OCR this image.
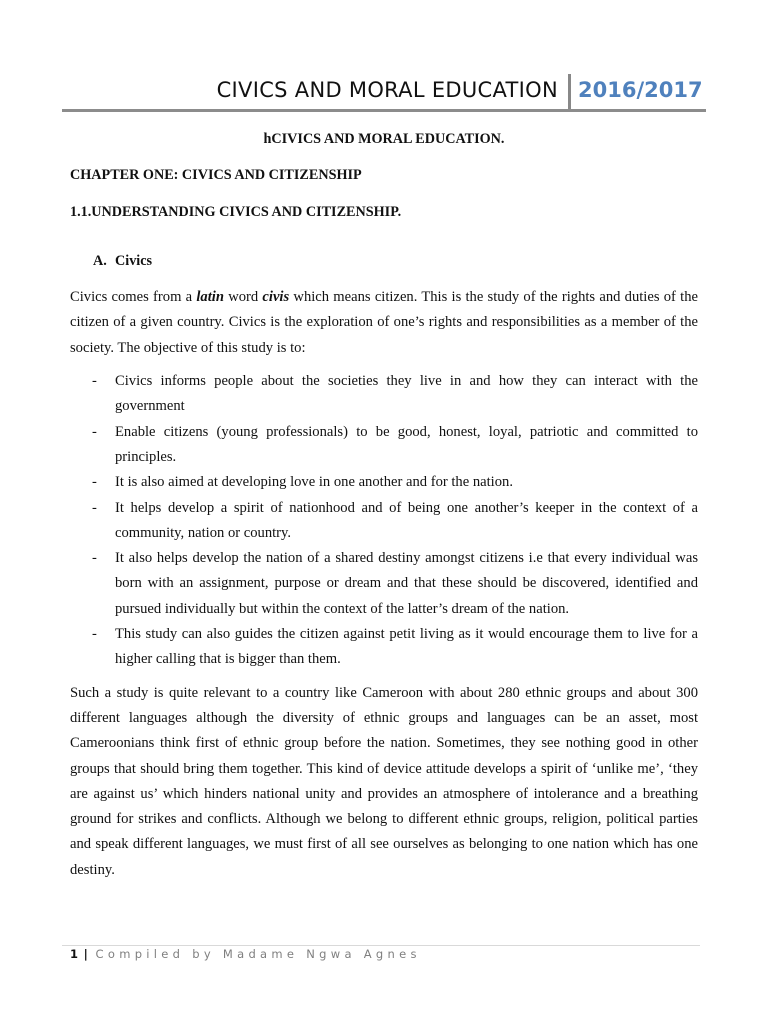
CIVICS AND MORAL EDUCATION 2016/2017
hCIVICS AND MORAL EDUCATION.
CHAPTER ONE: CIVICS AND CITIZENSHIP
1.1.UNDERSTANDING CIVICS AND CITIZENSHIP.
A. Civics

Civics comes from a latin word civis which means citizen. This is the study of the rights and duties of the citizen of a given country. Civics is the exploration of one’s rights and responsibilities as a member of the society. The objective of this study is to:

- Civics informs people about the societies they live in and how they can interact with the government
- Enable citizens (young professionals) to be good, honest, loyal, patriotic and committed to principles.
- It is also aimed at developing love in one another and for the nation.
- It helps develop a spirit of nationhood and of being one another’s keeper in the context of a community, nation or country.
- It also helps develop the nation of a shared destiny amongst citizens i.e that every individual was born with an assignment, purpose or dream and that these should be discovered, identified and pursued individually but within the context of the latter’s dream of the nation.
- This study can also guides the citizen against petit living as it would encourage them to live for a higher calling that is bigger than them.

Such a study is quite relevant to a country like Cameroon with about 280 ethnic groups and about 300 different languages although the diversity of ethnic groups and languages can be an asset, most Cameroonians think first of ethnic group before the nation. Sometimes, they see nothing good in other groups that should bring them together. This kind of device attitude develops a spirit of ‘unlike me’, ‘they are against us’ which hinders national unity and provides an atmosphere of intolerance and a breathing ground for strikes and conflicts. Although we belong to different ethnic groups, religion, political parties and speak different languages, we must first of all see ourselves as belonging to one nation which has one destiny.

1 | Compiled by Madame Ngwa Agnes
